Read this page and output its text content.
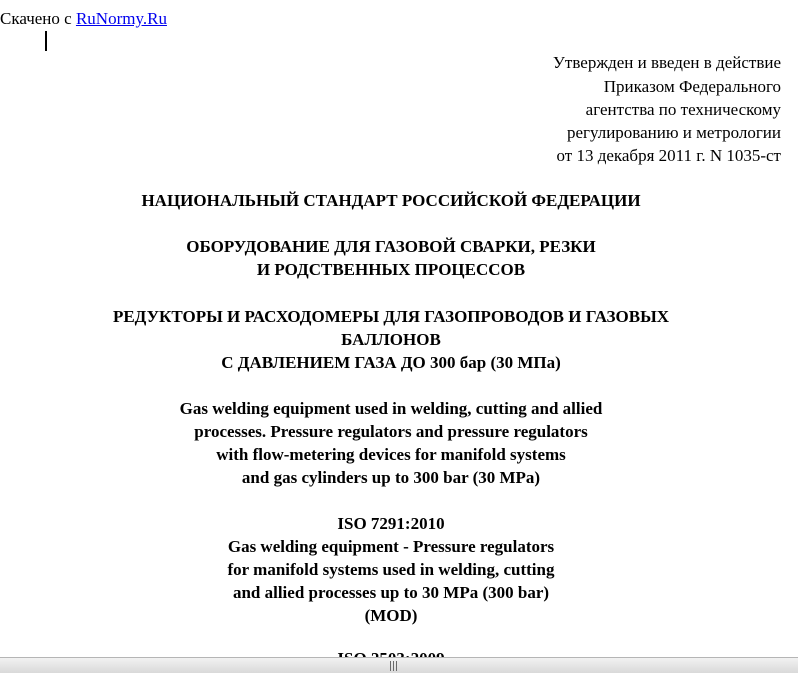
Скачено с RuNormy.Ru
Утвержден и введен в действие
Приказом Федерального
агентства по техническому
регулированию и метрологии
от 13 декабря 2011 г. N 1035-ст
НАЦИОНАЛЬНЫЙ СТАНДАРТ РОССИЙСКОЙ ФЕДЕРАЦИИ
ОБОРУДОВАНИЕ ДЛЯ ГАЗОВОЙ СВАРКИ, РЕЗКИ
И РОДСТВЕННЫХ ПРОЦЕССОВ
РЕДУКТОРЫ И РАСХОДОМЕРЫ ДЛЯ ГАЗОПРОВОДОВ И ГАЗОВЫХ
БАЛЛОНОВ
С ДАВЛЕНИЕМ ГАЗА ДО 300 бар (30 МПа)
Gas welding equipment used in welding, cutting and allied
processes. Pressure regulators and pressure regulators
with flow-metering devices for manifold systems
and gas cylinders up to 300 bar (30 MPa)
ISO 7291:2010
Gas welding equipment - Pressure regulators
for manifold systems used in welding, cutting
and allied processes up to 30 MPa (300 bar)
(MOD)
